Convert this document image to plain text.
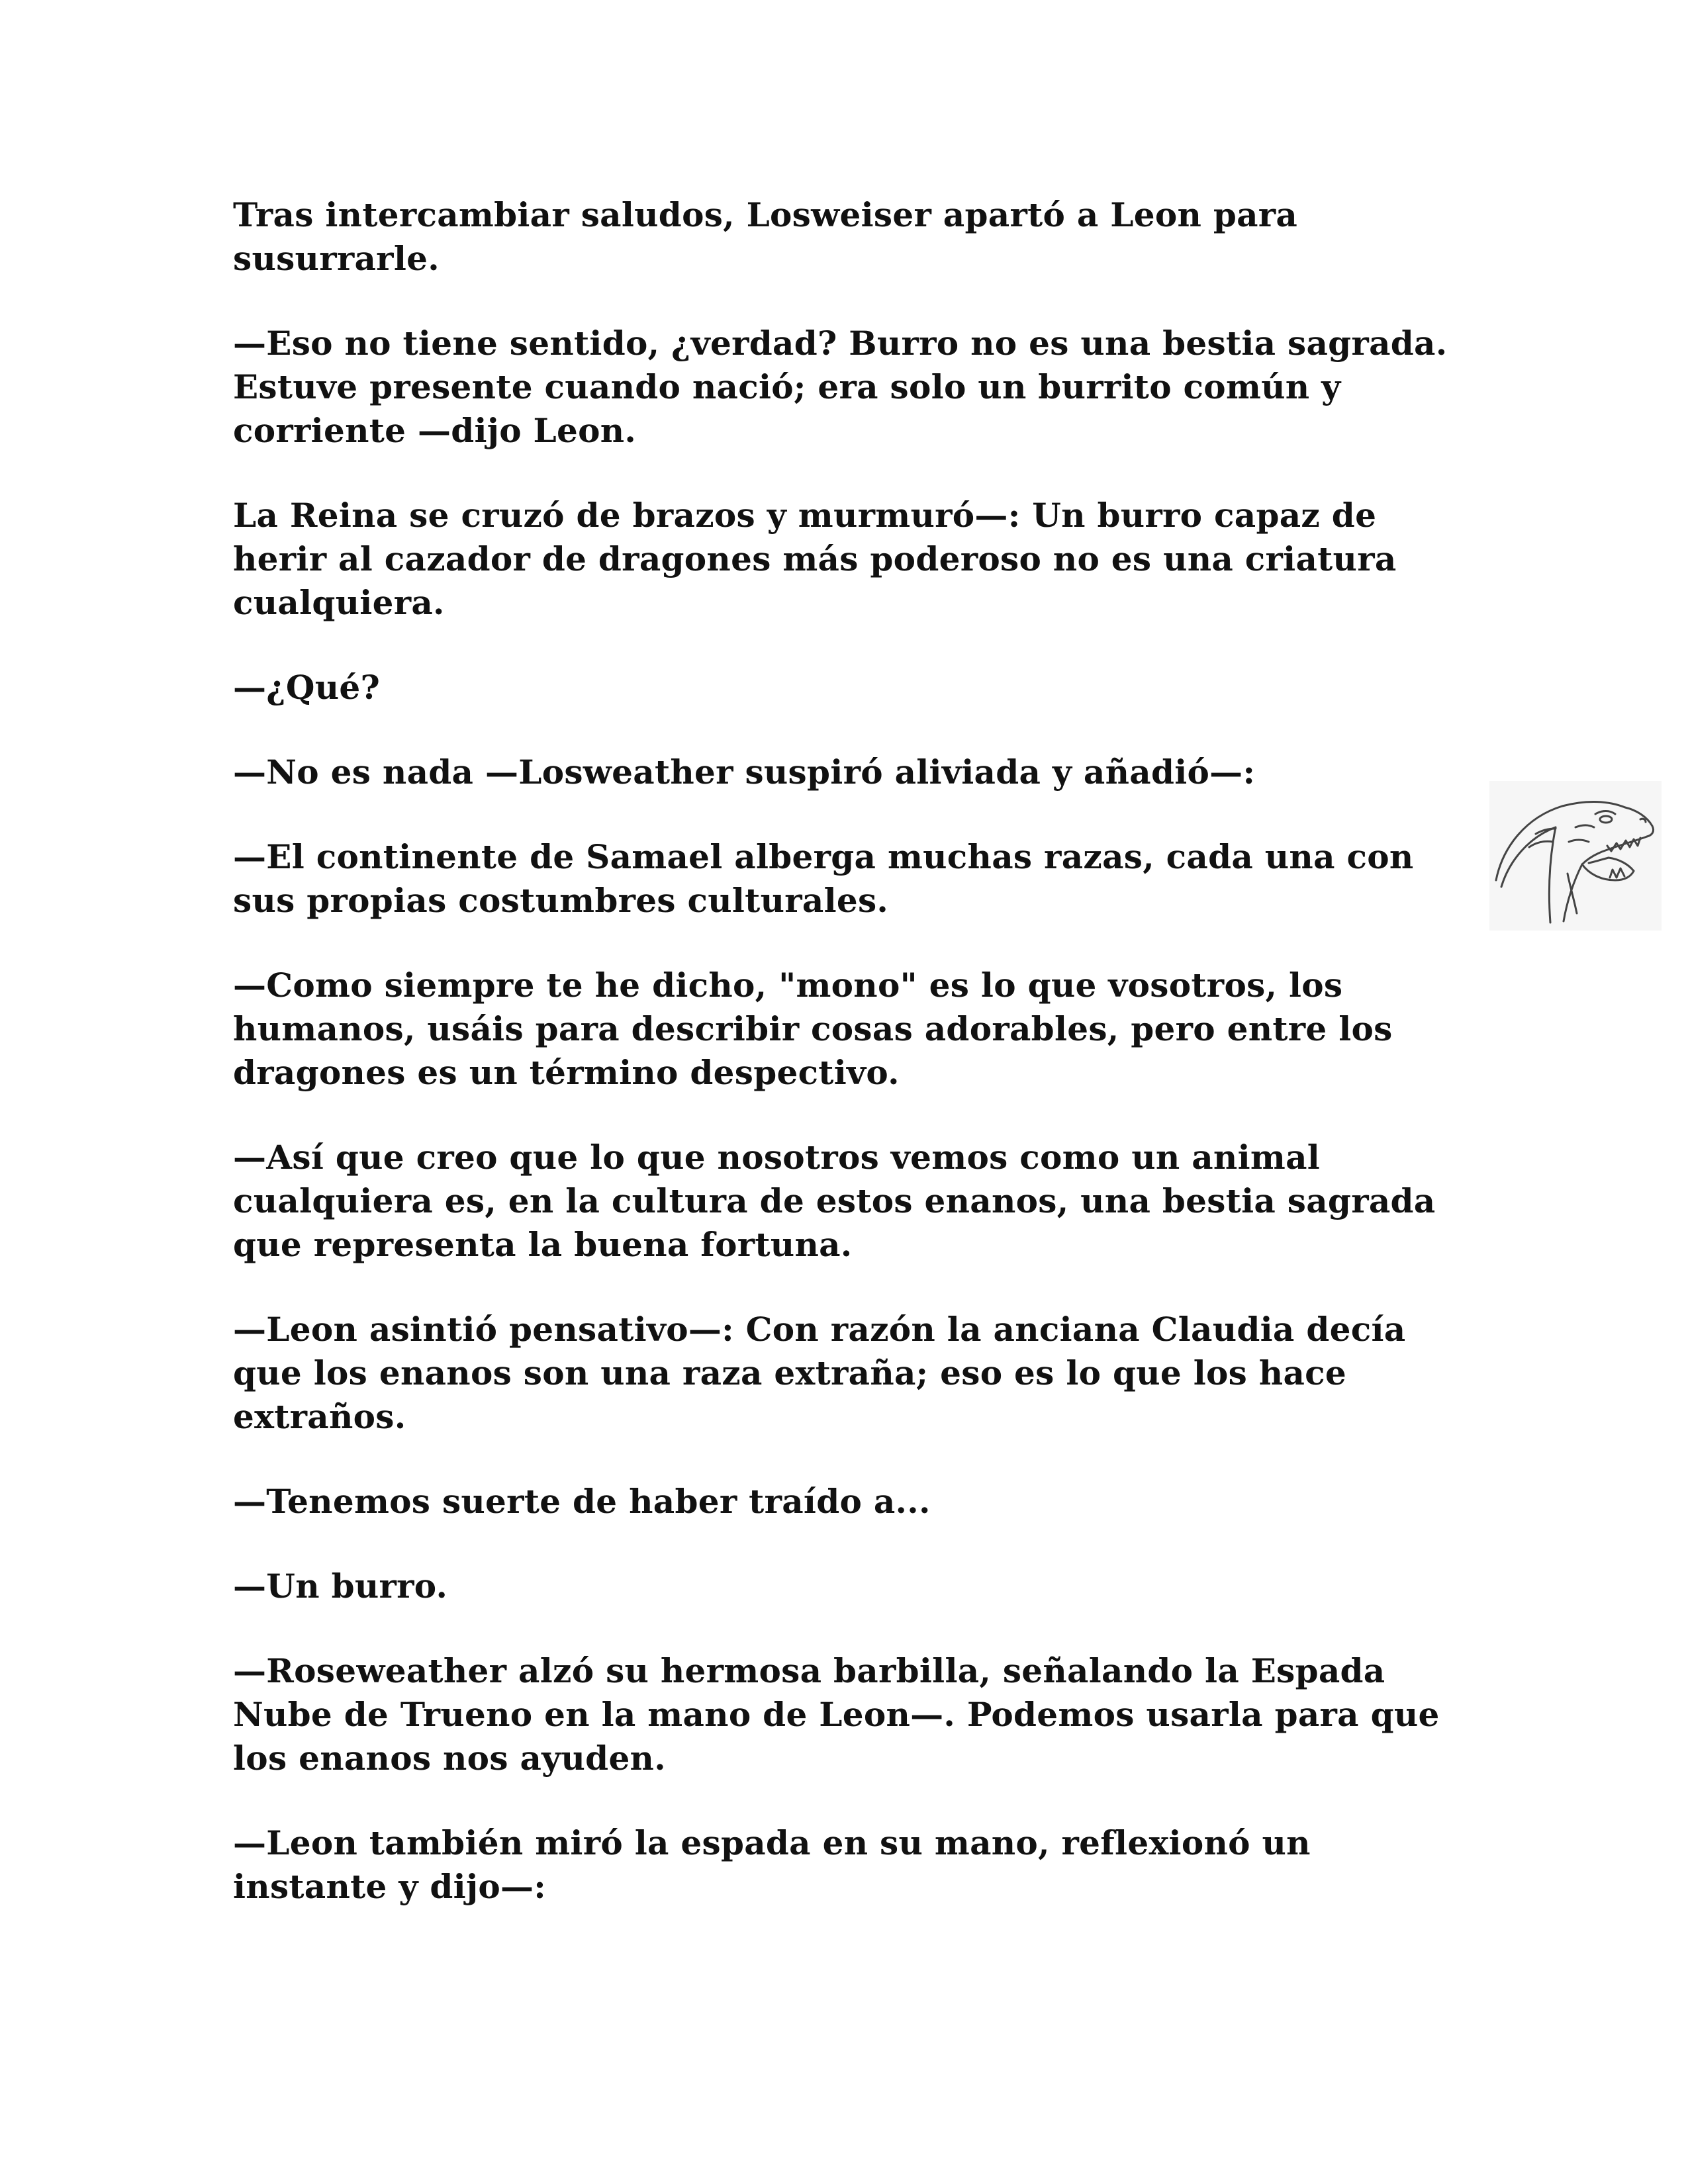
Tras intercambiar saludos, Losweiser apartó a Leon para susurrarle.

—Eso no tiene sentido, ¿verdad? Burro no es una bestia sagrada. Estuve presente cuando nació; era solo un burrito común y corriente —dijo Leon.

La Reina se cruzó de brazos y murmuró—: Un burro capaz de herir al cazador de dragones más poderoso no es una criatura cualquiera.

—¿Qué?

—No es nada —Losweather suspiró aliviada y añadió—:

—El continente de Samael alberga muchas razas, cada una con sus propias costumbres culturales.

—Como siempre te he dicho, "mono" es lo que vosotros, los humanos, usáis para describir cosas adorables, pero entre los dragones es un término despectivo.

—Así que creo que lo que nosotros vemos como un animal cualquiera es, en la cultura de estos enanos, una bestia sagrada que representa la buena fortuna.

—Leon asintió pensativo—: Con razón la anciana Claudia decía que los enanos son una raza extraña; eso es lo que los hace extraños.

—Tenemos suerte de haber traído a...

—Un burro.

—Roseweather alzó su hermosa barbilla, señalando la Espada Nube de Trueno en la mano de Leon—. Podemos usarla para que los enanos nos ayuden.

—Leon también miró la espada en su mano, reflexionó un instante y dijo—:
